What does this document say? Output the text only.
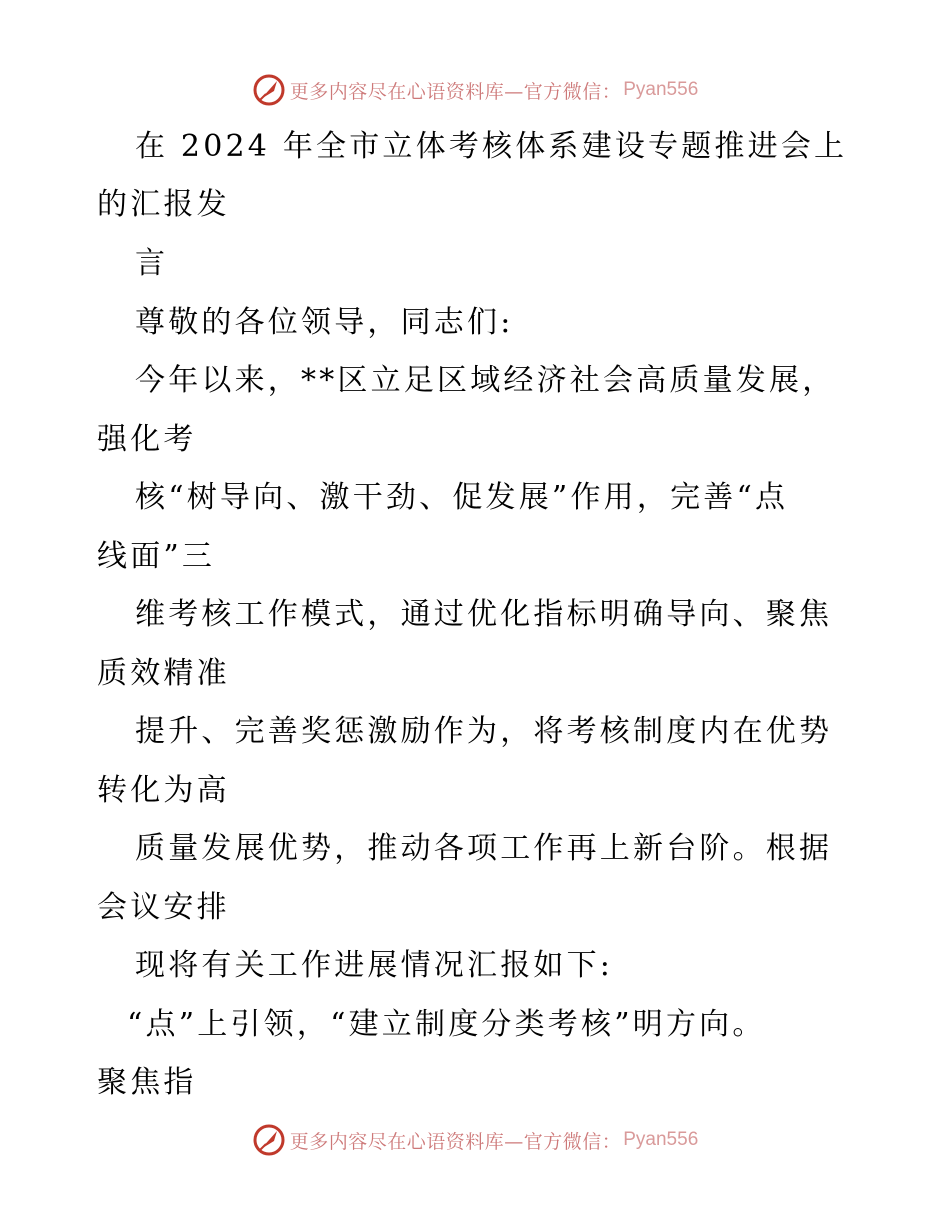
更多内容尽在心语资料库—官方微信： Pyan556
在 2024 年全市立体考核体系建设专题推进会上
的汇报发
言
尊敬的各位领导，同志们:
今年以来，**区立足区域经济社会高质量发展，
强化考
核“树导向、激干劲、促发展”作用，完善“点
线面”三
维考核工作模式，通过优化指标明确导向、聚焦
质效精准
提升、完善奖惩激励作为，将考核制度内在优势
转化为高
质量发展优势，推动各项工作再上新台阶。根据
会议安排
现将有关工作进展情况汇报如下:
“点”上引领，“建立制度分类考核”明方向。
聚焦指
更多内容尽在心语资料库—官方微信： Pyan556
